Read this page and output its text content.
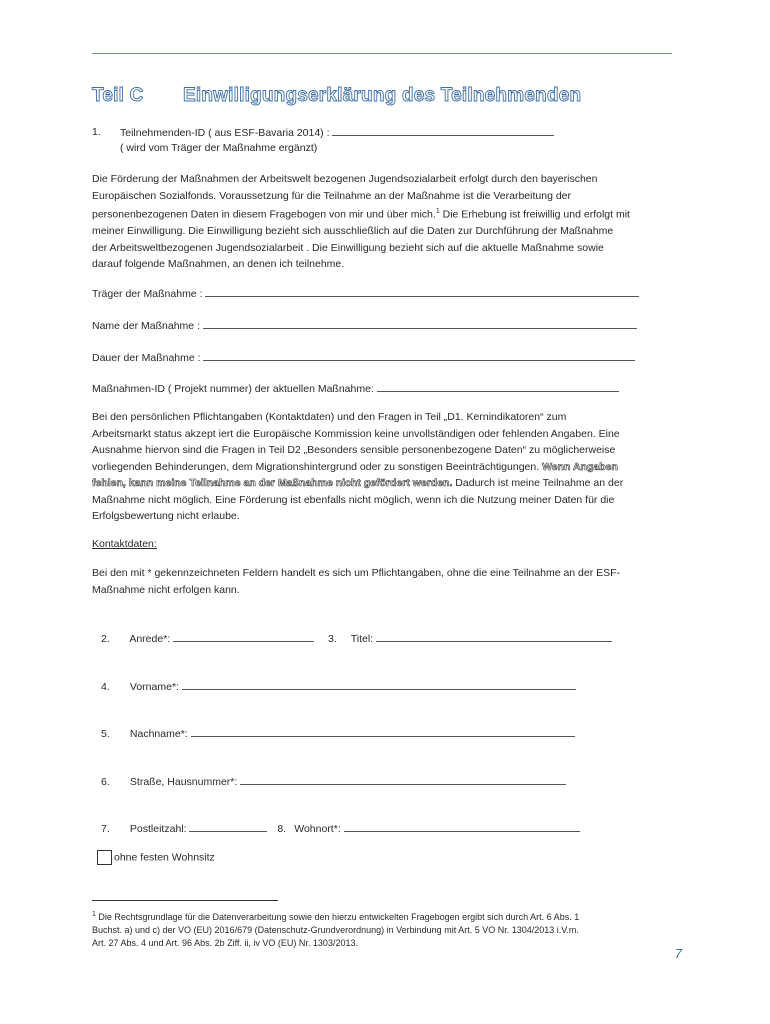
Teil C Einwilligungserklärung des Teilnehmenden
1. Teilnehmenden-ID ( aus ESF-Bavaria 2014) :
( wird vom Träger der Maßnahme ergänzt)
Die Förderung der Maßnahmen der Arbeitswelt bezogenen Jugendsozialarbeit erfolgt durch den bayerischen
Europäischen Sozialfonds. Voraussetzung für die Teilnahme an der Maßnahme ist die Verarbeitung der
personenbezogenen Daten in diesem Fragebogen von mir und über mich.$^1$ Die Erhebung ist freiwillig und erfolgt mit
meiner Einwilligung. Die Einwilligung bezieht sich ausschließlich auf die Daten zur Durchführung der Maßnahme
der Arbeitsweltbezogenen Jugendsozialarbeit . Die Einwilligung bezieht sich auf die aktuelle Maßnahme sowie
darauf folgende Maßnahmen, an denen ich teilnehme.
Träger der Maßnahme :
Name der Maßnahme :
Dauer der Maßnahme :
Maßnahmen-ID ( Projekt nummer) der aktuellen Maßnahme:
Bei den persönlichen Pflichtangaben (Kontaktdaten) und den Fragen in Teil „D1. Kernindikatoren“ zum
Arbeitsmarkt status akzept iert die Europäische Kommission keine unvollständigen oder fehlenden Angaben. Eine
Ausnahme hiervon sind die Fragen in Teil D2 „Besonders sensible personenbezogene Daten“ zu möglicherweise
vorliegenden Behinderungen, dem Migrationshintergrund oder zu sonstigen Beeinträchtigungen. Wenn Angaben
fehlen, kann meine Teilnahme an der Maßnahme nicht gefördert werden. Dadurch ist meine Teilnahme an der
Maßnahme nicht möglich. Eine Förderung ist ebenfalls nicht möglich, wenn ich die Nutzung meiner Daten für die
Erfolgsbewertung nicht erlaube.
Kontaktdaten:
Bei den mit * gekennzeichneten Feldern handelt es sich um Pflichtangaben, ohne die eine Teilnahme an der ESF-
Maßnahme nicht erfolgen kann.
2. Anrede*:	3. Titel:
4. Vorname*:
5. Nachname*:
6. Straße, Hausnummer*:
7. Postleitzahl:	8. Wohnort*:
ohne festen Wohnsitz
$^1$ Die Rechtsgrundlage für die Datenverarbeitung sowie den hierzu entwickelten Fragebogen ergibt sich durch Art. 6 Abs. 1
Buchst. a) und c) der VO (EU) 2016/679 (Datenschutz-Grundverordnung) in Verbindung mit Art. 5 VO Nr. 1304/2013 i.V.m.
Art. 27 Abs. 4 und Art. 96 Abs. 2b Ziff. ii, iv VO (EU) Nr. 1303/2013.
7
